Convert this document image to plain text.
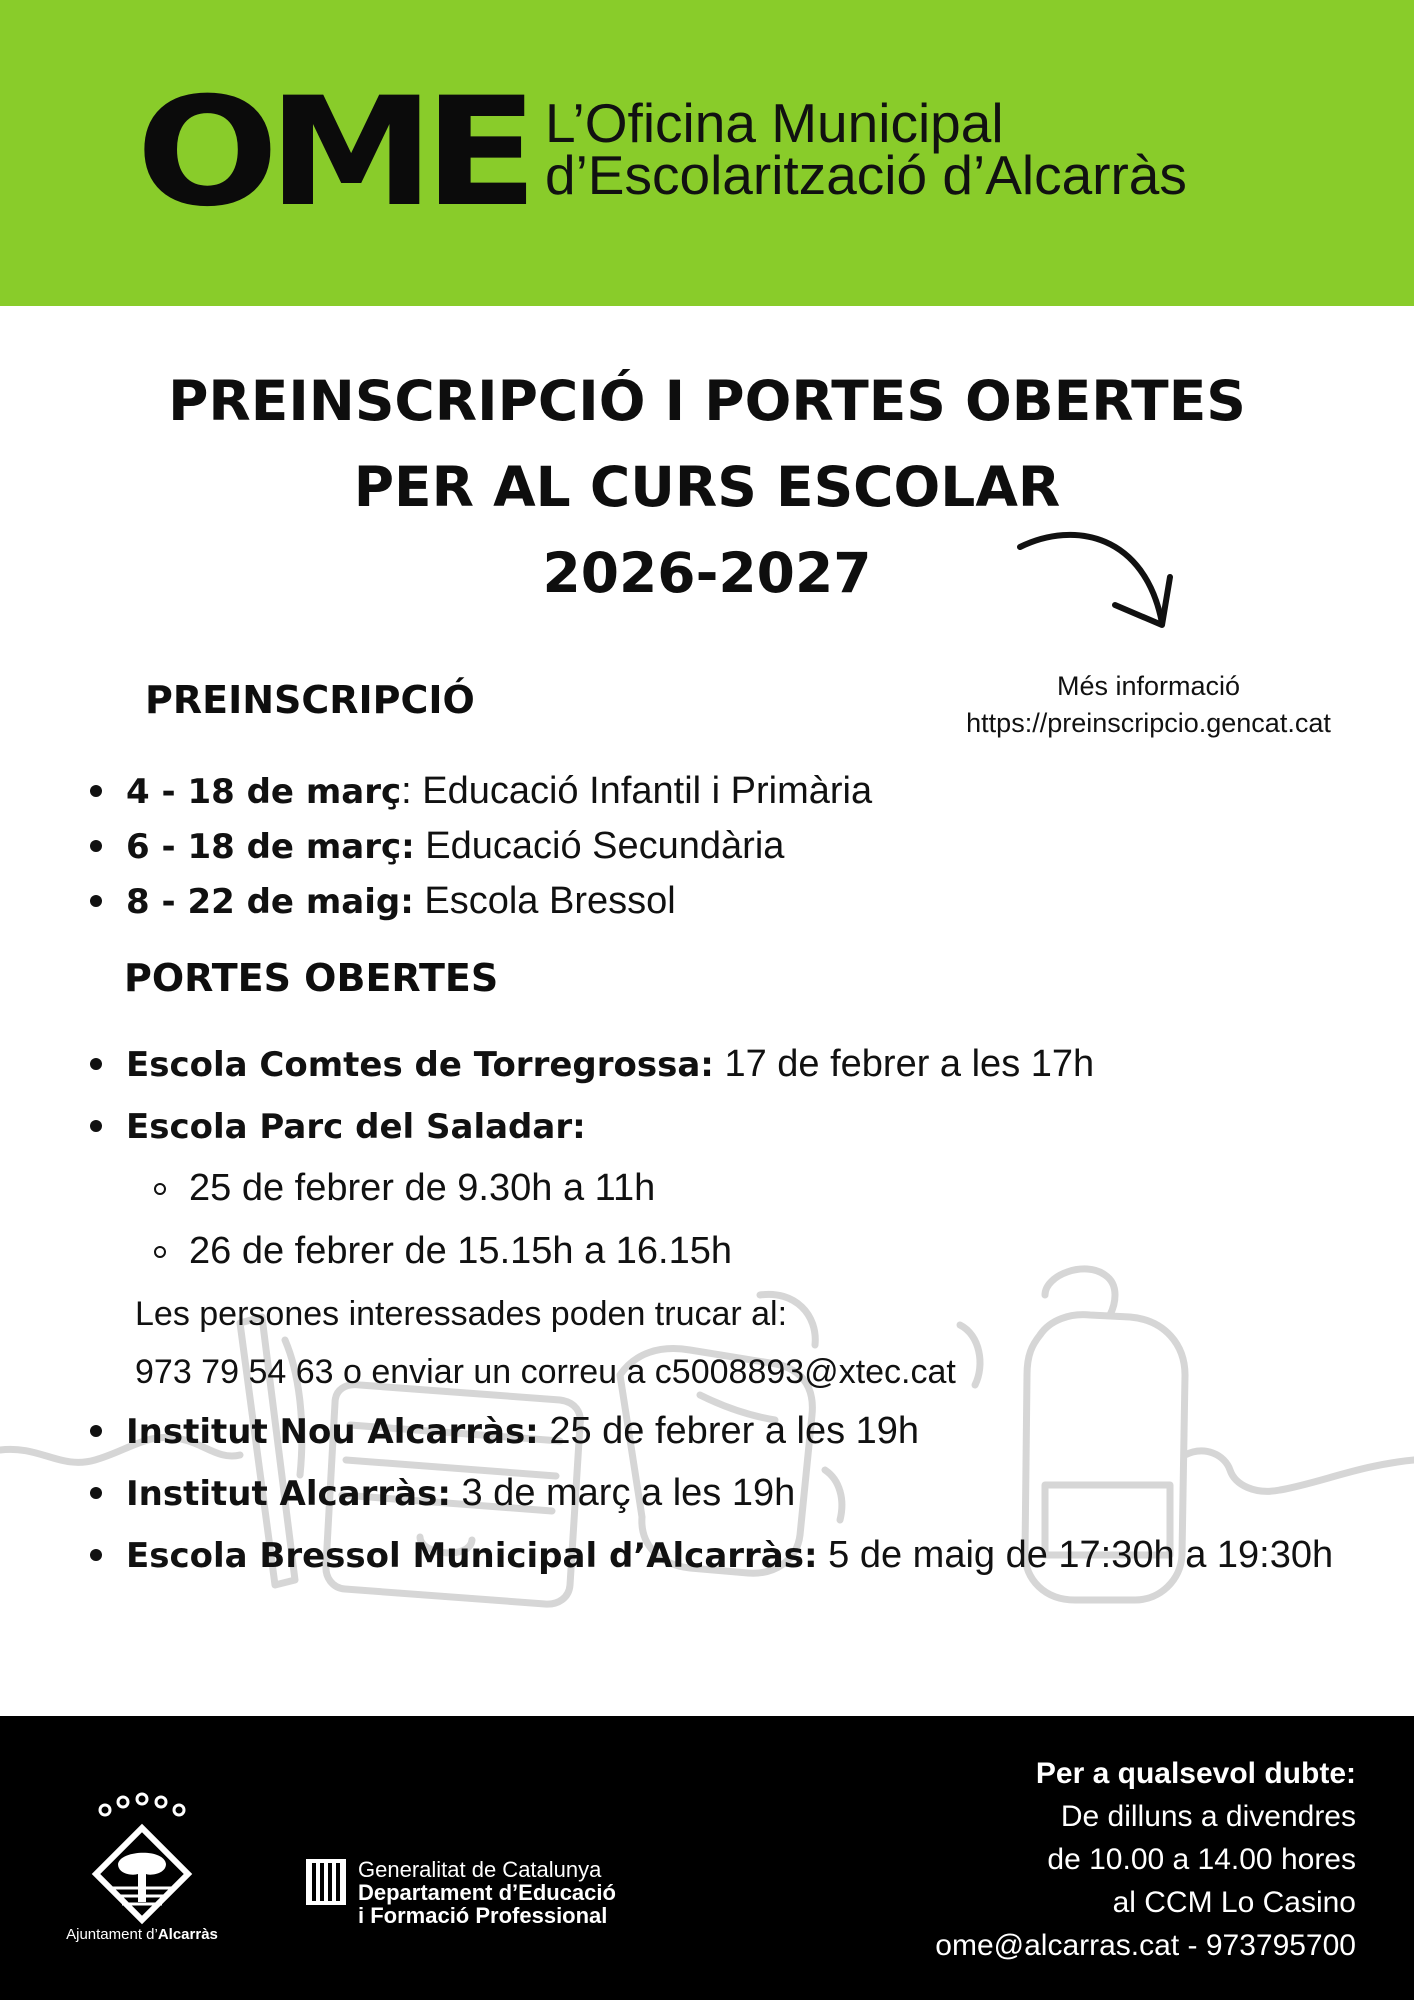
OME L’Oficina Municipal
d’Escolarització d’Alcarràs
PREINSCRIPCIÓ I PORTES OBERTES
PER AL CURS ESCOLAR
2026-2027
Més informació
https://preinscripcio.gencat.cat
PREINSCRIPCIÓ
4 - 18 de març: Educació Infantil i Primària
6 - 18 de març: Educació Secundària
8 - 22 de maig: Escola Bressol
PORTES OBERTES
Escola Comtes de Torregrossa: 17 de febrer a les 17h
Escola Parc del Saladar:
25 de febrer de 9.30h a 11h
26 de febrer de 15.15h a 16.15h
Les persones interessades poden trucar al:
973 79 54 63 o enviar un correu a c5008893@xtec.cat
Institut Nou Alcarràs: 25 de febrer a les 19h
Institut Alcarràs: 3 de març a les 19h
Escola Bressol Municipal d’Alcarràs: 5 de maig de 17:30h a 19:30h
Ajuntament d’Alcarràs
Generalitat de Catalunya
Departament d’Educació
i Formació Professional
Per a qualsevol dubte:
De dilluns a divendres
de 10.00 a 14.00 hores
al CCM Lo Casino
ome@alcarras.cat - 973795700
